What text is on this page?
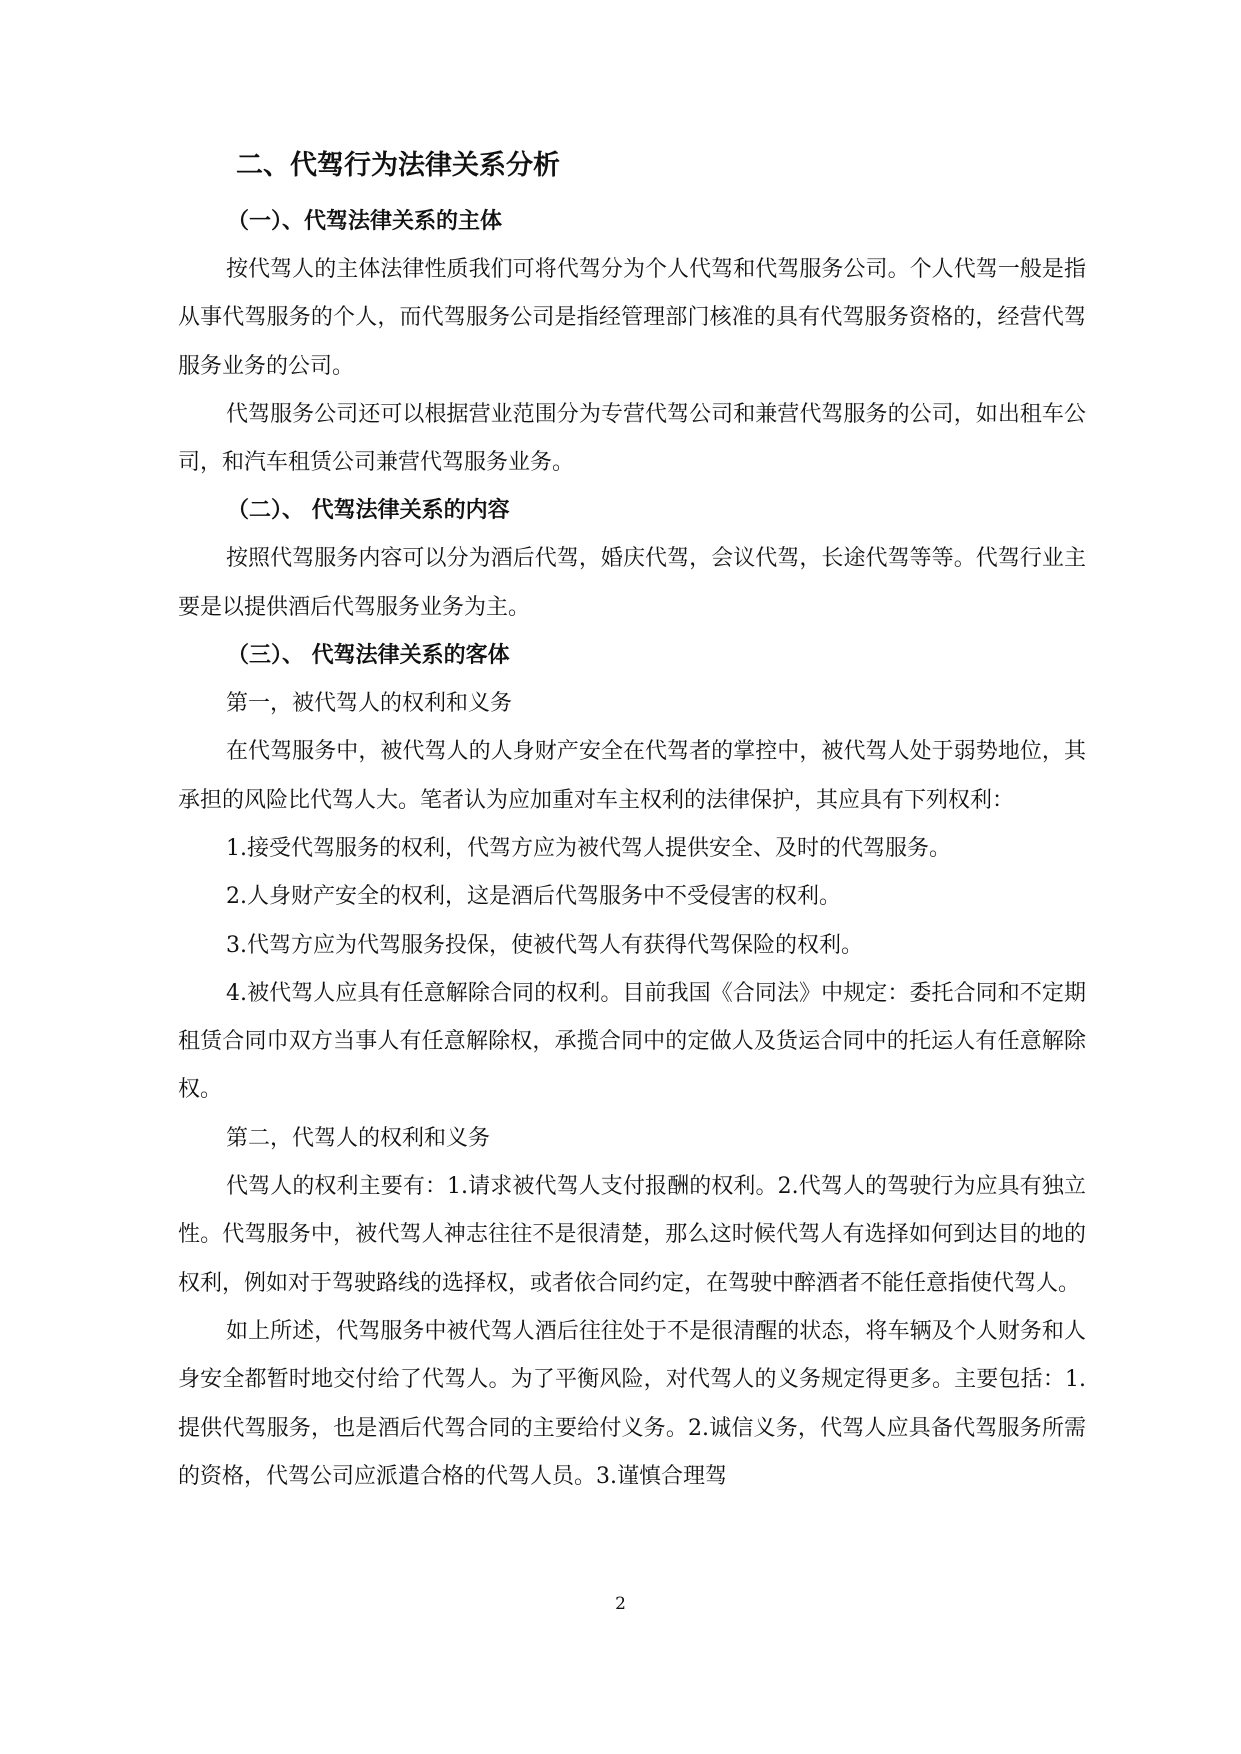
二、代驾行为法律关系分析
（一）、代驾法律关系的主体

按代驾人的主体法律性质我们可将代驾分为个人代驾和代驾服务公司。个人代驾一般是指从事代驾服务的个人，而代驾服务公司是指经管理部门核准的具有代驾服务资格的，经营代驾服务业务的公司。

代驾服务公司还可以根据营业范围分为专营代驾公司和兼营代驾服务的公司，如出租车公司，和汽车租赁公司兼营代驾服务业务。

（二）、 代驾法律关系的内容

按照代驾服务内容可以分为酒后代驾，婚庆代驾，会议代驾，长途代驾等等。代驾行业主要是以提供酒后代驾服务业务为主。

（三）、 代驾法律关系的客体

第一，被代驾人的权利和义务

在代驾服务中，被代驾人的人身财产安全在代驾者的掌控中，被代驾人处于弱势地位，其承担的风险比代驾人大。笔者认为应加重对车主权利的法律保护，其应具有下列权利：

1.接受代驾服务的权利，代驾方应为被代驾人提供安全、及时的代驾服务。

2.人身财产安全的权利，这是酒后代驾服务中不受侵害的权利。

3.代驾方应为代驾服务投保，使被代驾人有获得代驾保险的权利。

4.被代驾人应具有任意解除合同的权利。目前我国《合同法》中规定：委托合同和不定期租赁合同巾双方当事人有任意解除权，承揽合同中的定做人及货运合同中的托运人有任意解除权。

第二，代驾人的权利和义务

代驾人的权利主要有：1.请求被代驾人支付报酬的权利。2.代驾人的驾驶行为应具有独立性。代驾服务中，被代驾人神志往往不是很清楚，那么这时候代驾人有选择如何到达目的地的权利，例如对于驾驶路线的选择权，或者依合同约定，在驾驶中醉酒者不能任意指使代驾人。

如上所述，代驾服务中被代驾人酒后往往处于不是很清醒的状态，将车辆及个人财务和人身安全都暂时地交付给了代驾人。为了平衡风险，对代驾人的义务规定得更多。主要包括：1.提供代驾服务，也是酒后代驾合同的主要给付义务。2.诚信义务，代驾人应具备代驾服务所需的资格，代驾公司应派遣合格的代驾人员。3.谨慎合理驾

2
